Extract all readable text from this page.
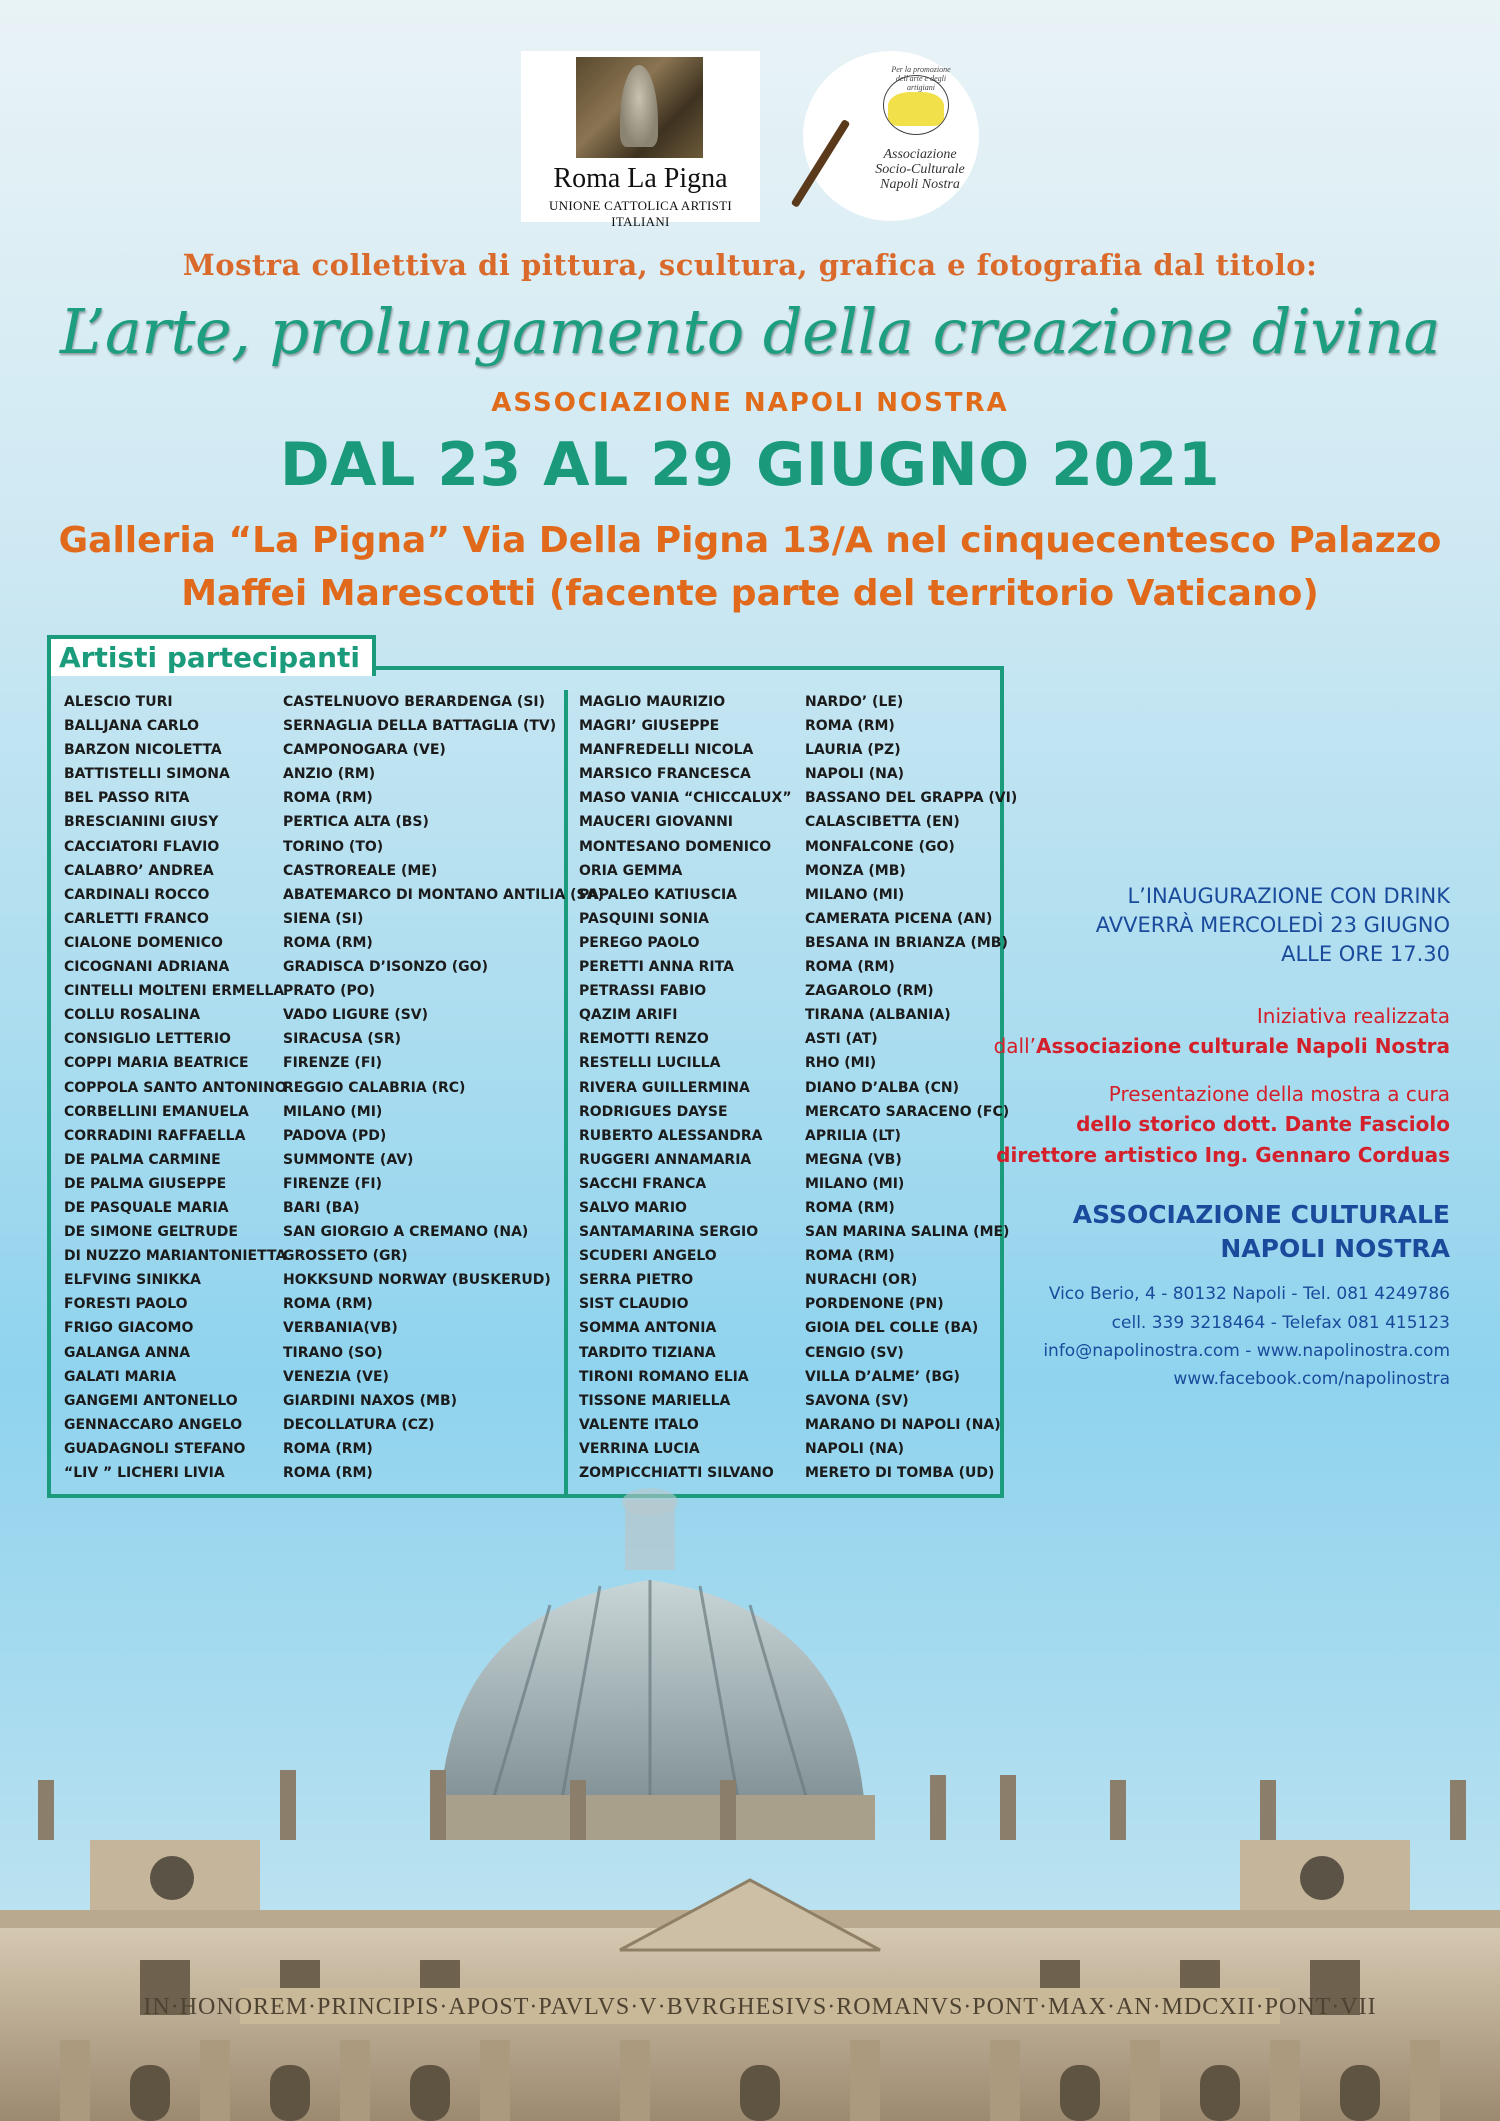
Roma La Pigna
UNIONE CATTOLICA ARTISTI ITALIANI
Associazione Socio-Culturale Napoli Nostra
Per la promozione dell'arte e degli artigiani
Mostra collettiva di pittura, scultura, grafica e fotografia dal titolo:
L’arte, prolungamento della creazione divina
ASSOCIAZIONE NAPOLI NOSTRA
DAL 23 AL 29 GIUGNO 2021
Galleria “La Pigna” Via Della Pigna 13/A nel cinquecentesco Palazzo
Maffei Marescotti (facente parte del territorio Vaticano)
Artisti partecipanti
ALESCIO TURI
BALLJANA CARLO
BARZON NICOLETTA
BATTISTELLI SIMONA
BEL PASSO RITA
BRESCIANINI GIUSY
CACCIATORI FLAVIO
CALABRO’ ANDREA
CARDINALI ROCCO
CARLETTI FRANCO
CIALONE DOMENICO
CICOGNANI ADRIANA
CINTELLI MOLTENI ERMELLA
COLLU ROSALINA
CONSIGLIO LETTERIO
COPPI MARIA BEATRICE
COPPOLA SANTO ANTONINO
CORBELLINI EMANUELA
CORRADINI RAFFAELLA
DE PALMA CARMINE
DE PALMA GIUSEPPE
DE PASQUALE MARIA
DE SIMONE GELTRUDE
DI NUZZO MARIANTONIETTA
ELFVING SINIKKA
FORESTI PAOLO
FRIGO GIACOMO
GALANGA ANNA
GALATI MARIA
GANGEMI ANTONELLO
GENNACCARO ANGELO
GUADAGNOLI STEFANO
“LIV ” LICHERI LIVIA
CASTELNUOVO BERARDENGA (SI)
SERNAGLIA DELLA BATTAGLIA (TV)
CAMPONOGARA (VE)
ANZIO (RM)
ROMA (RM)
PERTICA ALTA (BS)
TORINO (TO)
CASTROREALE (ME)
ABATEMARCO DI MONTANO ANTILIA (SA)
SIENA (SI)
ROMA (RM)
GRADISCA D’ISONZO (GO)
PRATO (PO)
VADO LIGURE (SV)
SIRACUSA (SR)
FIRENZE (FI)
REGGIO CALABRIA (RC)
MILANO (MI)
PADOVA (PD)
SUMMONTE (AV)
FIRENZE (FI)
BARI (BA)
SAN GIORGIO A CREMANO (NA)
GROSSETO (GR)
HOKKSUND NORWAY (BUSKERUD)
ROMA (RM)
VERBANIA(VB)
TIRANO (SO)
VENEZIA (VE)
GIARDINI NAXOS (MB)
DECOLLATURA (CZ)
ROMA (RM)
ROMA (RM)
MAGLIO MAURIZIO
MAGRI’ GIUSEPPE
MANFREDELLI NICOLA
MARSICO FRANCESCA
MASO VANIA “CHICCALUX”
MAUCERI GIOVANNI
MONTESANO DOMENICO
ORIA GEMMA
PAPALEO KATIUSCIA
PASQUINI SONIA
PEREGO PAOLO
PERETTI ANNA RITA
PETRASSI FABIO
QAZIM ARIFI
REMOTTI RENZO
RESTELLI LUCILLA
RIVERA GUILLERMINA
RODRIGUES DAYSE
RUBERTO ALESSANDRA
RUGGERI ANNAMARIA
SACCHI FRANCA
SALVO MARIO
SANTAMARINA SERGIO
SCUDERI ANGELO
SERRA PIETRO
SIST CLAUDIO
SOMMA ANTONIA
TARDITO TIZIANA
TIRONI ROMANO ELIA
TISSONE MARIELLA
VALENTE ITALO
VERRINA LUCIA
ZOMPICCHIATTI SILVANO
NARDO’ (LE)
ROMA (RM)
LAURIA (PZ)
NAPOLI (NA)
BASSANO DEL GRAPPA (VI)
CALASCIBETTA (EN)
MONFALCONE (GO)
MONZA (MB)
MILANO (MI)
CAMERATA PICENA (AN)
BESANA IN BRIANZA (MB)
ROMA (RM)
ZAGAROLO (RM)
TIRANA (ALBANIA)
ASTI (AT)
RHO (MI)
DIANO D’ALBA (CN)
MERCATO SARACENO (FC)
APRILIA (LT)
MEGNA (VB)
MILANO (MI)
ROMA (RM)
SAN MARINA SALINA (ME)
ROMA (RM)
NURACHI (OR)
PORDENONE (PN)
GIOIA DEL COLLE (BA)
CENGIO (SV)
VILLA D’ALME’ (BG)
SAVONA (SV)
MARANO DI NAPOLI (NA)
NAPOLI (NA)
MERETO DI TOMBA (UD)
L’INAUGURAZIONE CON DRINK
AVVERRÀ MERCOLEDÌ 23 GIUGNO
ALLE ORE 17.30
Iniziativa realizzata
dall’Associazione culturale Napoli Nostra
Presentazione della mostra a cura
dello storico dott. Dante Fasciolo
direttore artistico Ing. Gennaro Corduas
ASSOCIAZIONE CULTURALE
NAPOLI NOSTRA
Vico Berio, 4 - 80132 Napoli - Tel. 081 4249786
cell. 339 3218464 - Telefax 081 415123
info@napolinostra.com - www.napolinostra.com
www.facebook.com/napolinostra
IN·HONOREM·PRINCIPIS·APOST·PAVLVS·V·BVRGHESIVS·ROMANVS·PONT·MAX·AN·MDCXII·PONT·VII
